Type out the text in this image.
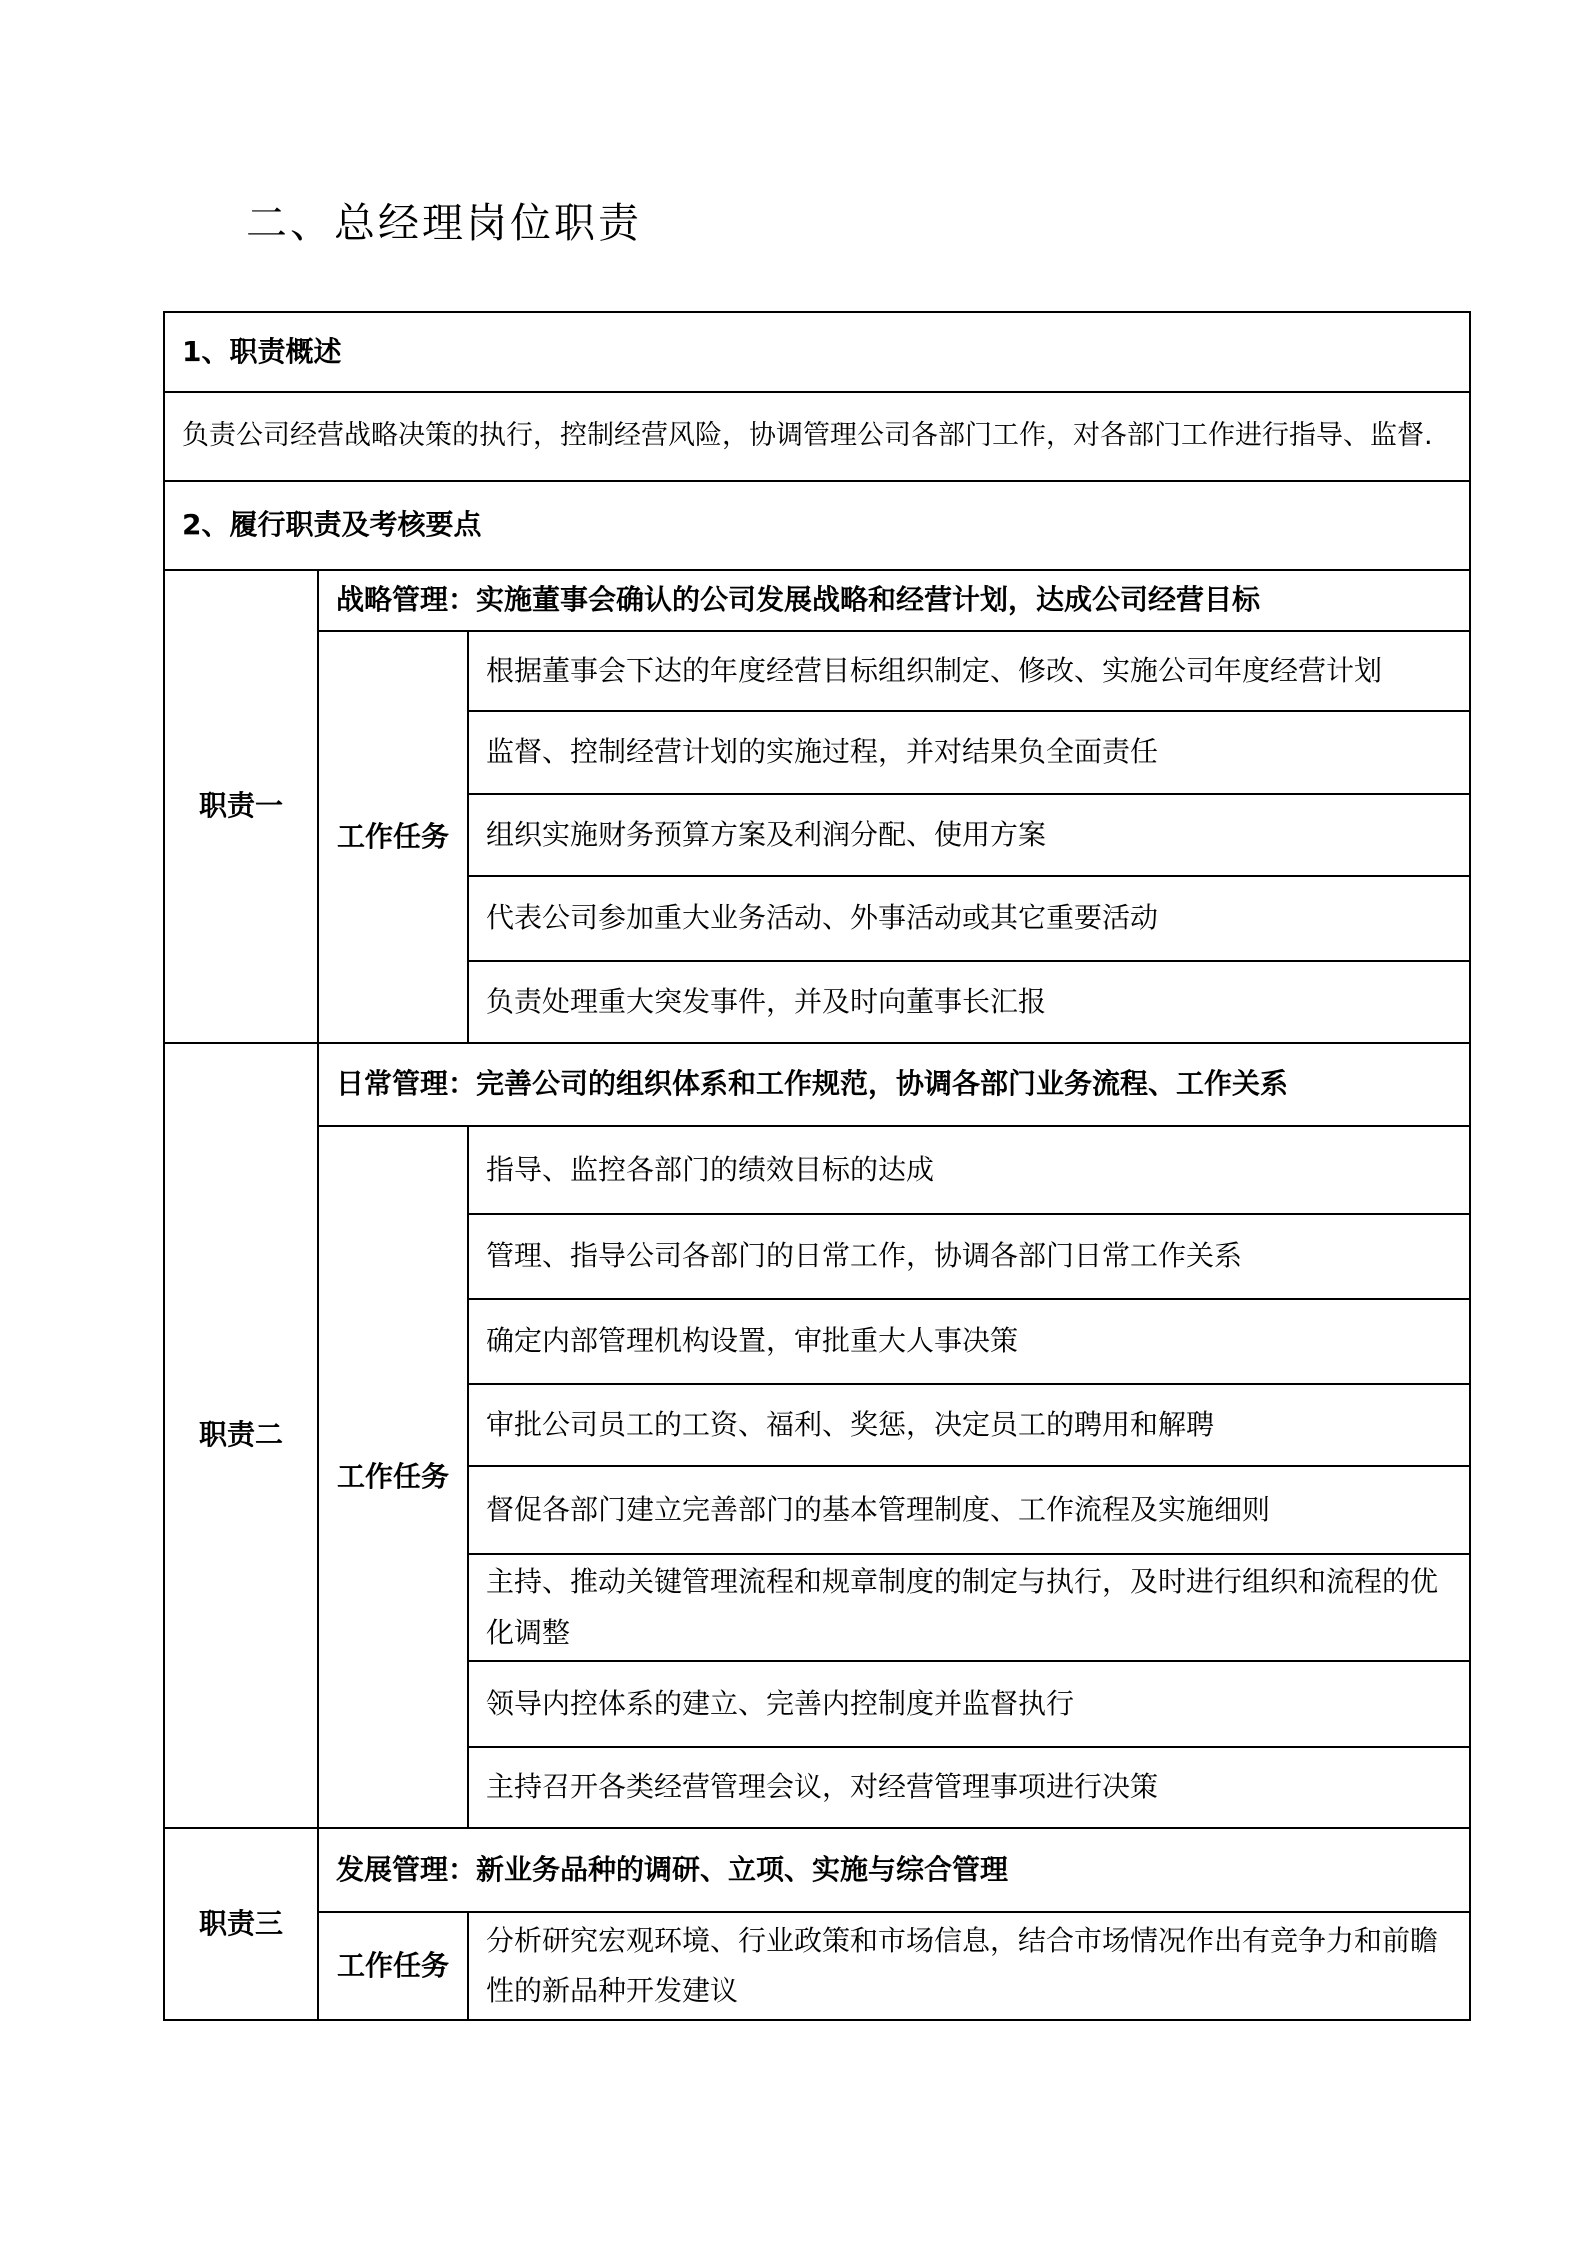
二、总经理岗位职责
1、职责概述		
负责公司经营战略决策的执行，控制经营风险，协调管理公司各部门工作，对各部门工作进行指导、监督.		
2、履行职责及考核要点		
职责一	战略管理：实施董事会确认的公司发展战略和经营计划，达成公司经营目标	
	工作任务	根据董事会下达的年度经营目标组织制定、修改、实施公司年度经营计划
		监督、控制经营计划的实施过程，并对结果负全面责任
		组织实施财务预算方案及利润分配、使用方案
		代表公司参加重大业务活动、外事活动或其它重要活动
		负责处理重大突发事件，并及时向董事长汇报
职责二	日常管理：完善公司的组织体系和工作规范，协调各部门业务流程、工作关系	
	工作任务	指导、监控各部门的绩效目标的达成
		管理、指导公司各部门的日常工作，协调各部门日常工作关系
		确定内部管理机构设置，审批重大人事决策
		审批公司员工的工资、福利、奖惩，决定员工的聘用和解聘
		督促各部门建立完善部门的基本管理制度、工作流程及实施细则
		主持、推动关键管理流程和规章制度的制定与执行，及时进行组织和流程的优化调整
		领导内控体系的建立、完善内控制度并监督执行
		主持召开各类经营管理会议，对经营管理事项进行决策
职责三	发展管理：新业务品种的调研、立项、实施与综合管理	
	工作任务	分析研究宏观环境、行业政策和市场信息，结合市场情况作出有竞争力和前瞻性的新品种开发建议
